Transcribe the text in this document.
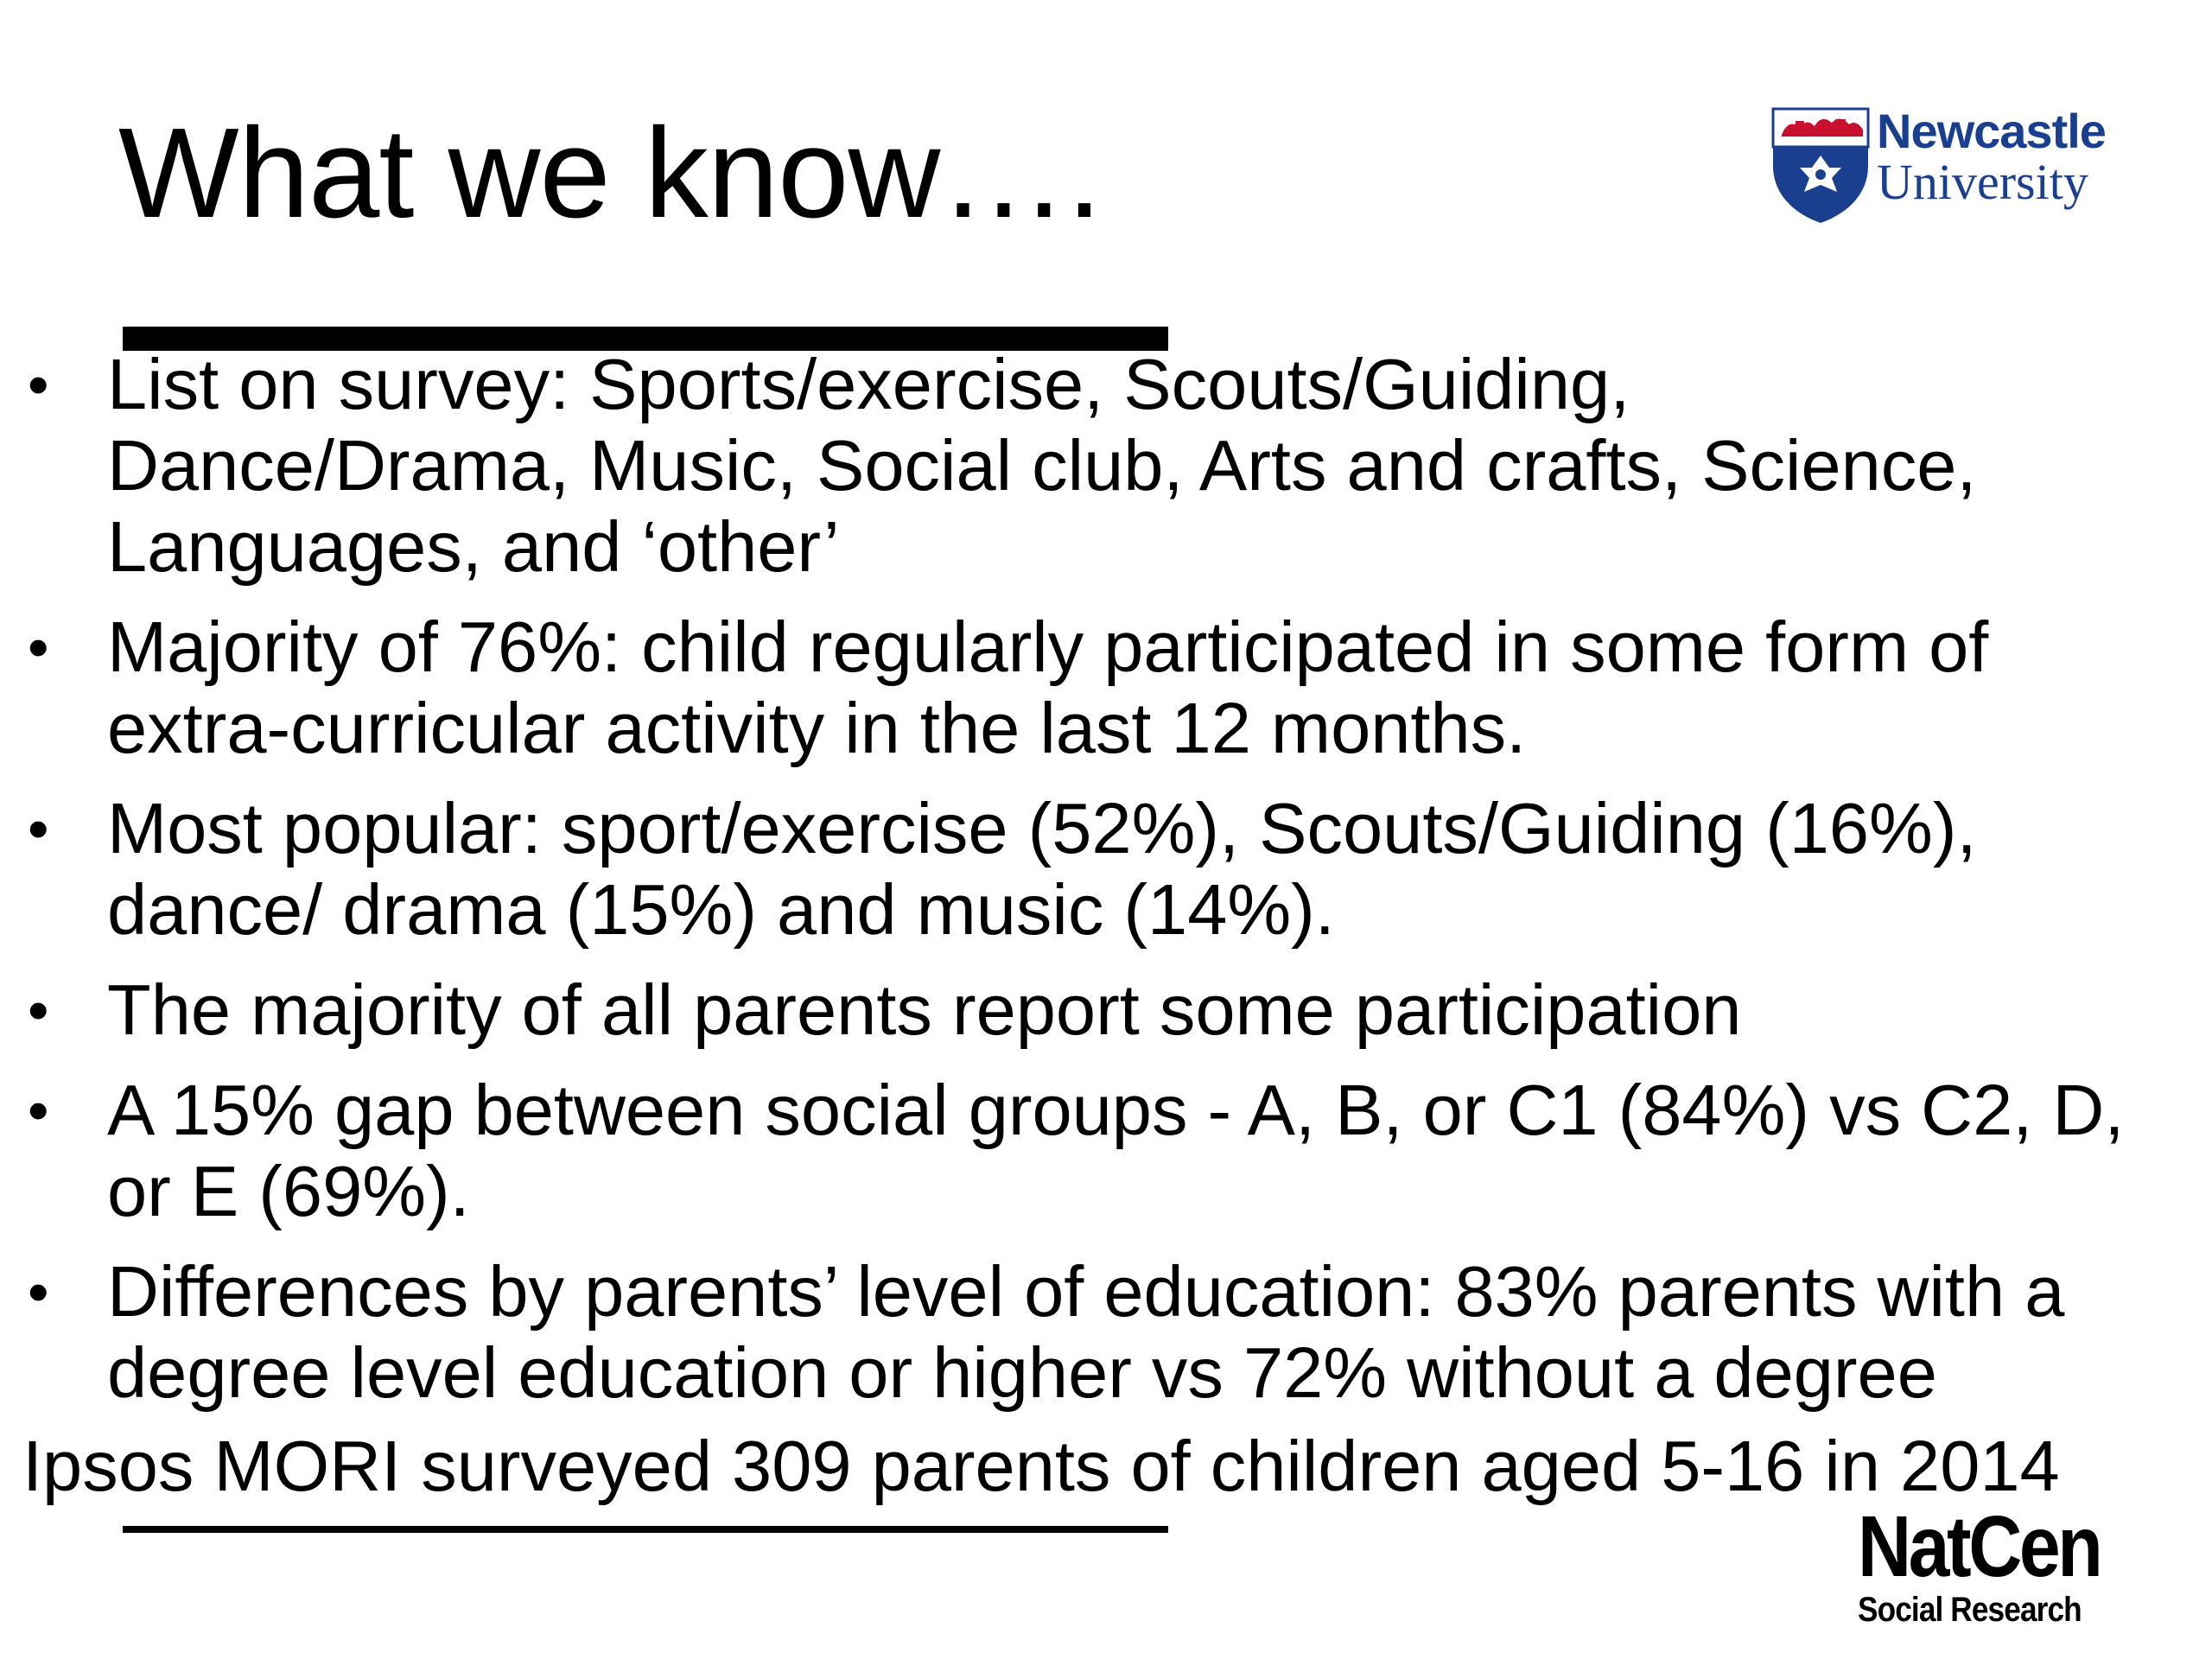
What we know….	Newcastle
University
• List on survey: Sports/exercise, Scouts/Guiding,
Dance/Drama, Music, Social club, Arts and crafts, Science,
Languages, and ‘other’
• Majority of 76%: child regularly participated in some form of
extra-curricular activity in the last 12 months.
• Most popular: sport/exercise (52%), Scouts/Guiding (16%),
dance/ drama (15%) and music (14%).
• The majority of all parents report some participation
• A 15% gap between social groups - A, B, or C1 (84%) vs C2, D,
or E (69%).
• Differences by parents’ level of education: 83% parents with a
degree level education or higher vs 72% without a degree
Ipsos MORI surveyed 309 parents of children aged 5-16 in 2014
NatCen
Social Research
